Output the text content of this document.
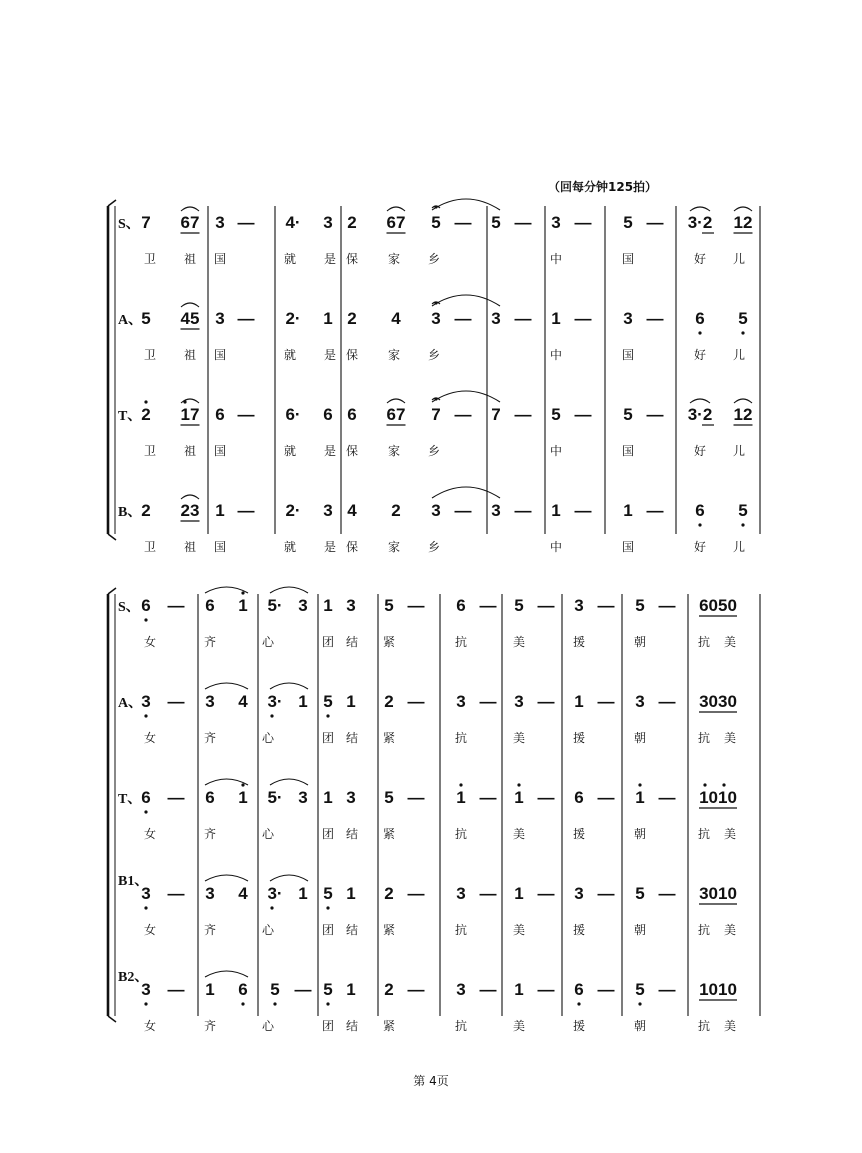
（回每分钟125拍）
S、 7 67 3 — 4· 3 2 67 5 — 5 — 3 — 5 — 3·2 12
卫 祖 国	就 是 保 家 乡	中	国	好 儿
A、 5 45 3 — 2· 1 2 4 3 — 3 — 1 — 3 — 6 5
卫 祖 国	就 是 保 家 乡	中	国	好 儿
T、 2 17 6 — 6· 6 6 67 7 — 7 — 5 — 5 — 3·2 12
卫 祖 国	就 是 保 家 乡	中	国	好 儿
B、 2 23 1 — 2· 3 4 2 3 — 3 — 1 — 1 — 6 5
卫 祖 国	就 是 保 家 乡	中	国	好 儿
S、 6 — 6 1 5· 3 1 3 5 — 6 — 5 — 3 — 5 — 6050
女	齐	心	团 结 紧	抗	美	援	朝	抗 美
A、 3 — 3 4 3· 1 5 1 2 — 3 — 3 — 1 — 3 — 3030
女	齐	心	团 结 紧	抗	美	援	朝	抗 美
T、 6 — 6 1 5· 3 1 3 5 — 1 — 1 — 6 — 1 — 1010
女	齐	心	团 结 紧	抗	美	援	朝	抗 美
B1、
3 — 3 4 3· 1 5 1 2 — 3 — 1 — 3 — 5 — 3010
女	齐	心	团 结 紧	抗	美	援	朝	抗 美
B2、
3 — 1 6 5 — 5 1 2 — 3 — 1 — 6 — 5 — 1010
女	齐	心	团 结 紧	抗	美	援	朝	抗 美
第 4页
